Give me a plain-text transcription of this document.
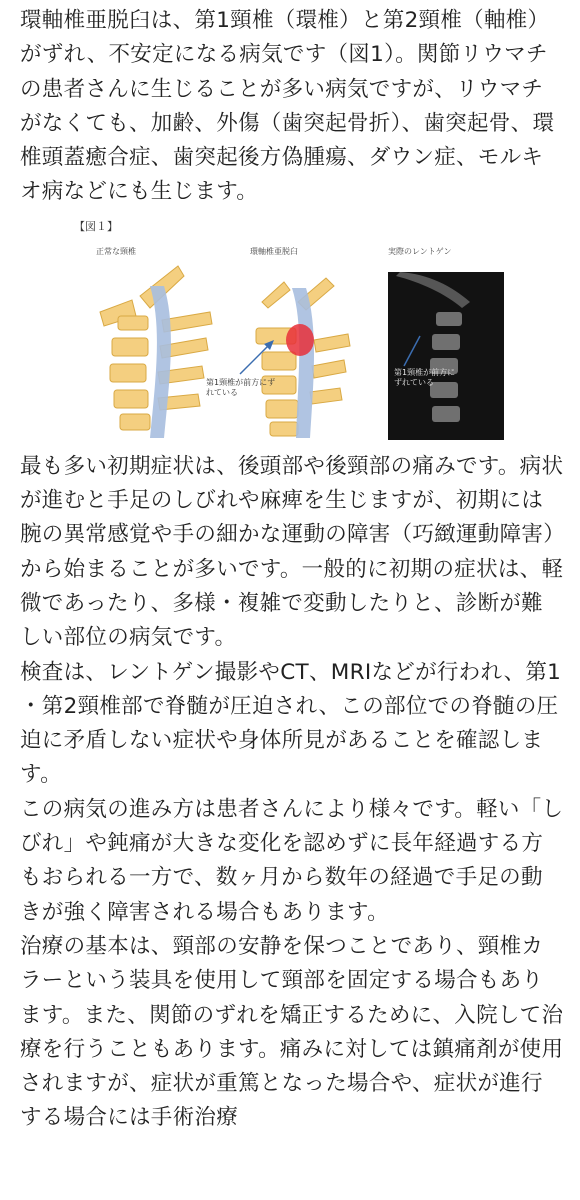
環軸椎亜脱臼は、第1頸椎（環椎）と第2頸椎（軸椎）がずれ、不安定になる病気です（図1）。関節リウマチの患者さんに生じることが多い病気ですが、リウマチがなくても、加齢、外傷（歯突起骨折）、歯突起骨、環椎頭蓋癒合症、歯突起後方偽腫瘍、ダウン症、モルキオ病などにも生じます。

【図１】
正常な頸椎	環軸椎亜脱臼	実際のレントゲン
第1頸椎が前方にずれている
第1頸椎が前方にずれている

最も多い初期症状は、後頭部や後頸部の痛みです。病状が進むと手足のしびれや麻痺を生じますが、初期には腕の異常感覚や手の細かな運動の障害（巧緻運動障害）から始まることが多いです。一般的に初期の症状は、軽微であったり、多様・複雑で変動したりと、診断が難しい部位の病気です。

検査は、レントゲン撮影やCT、MRIなどが行われ、第1・第2頸椎部で脊髄が圧迫され、この部位での脊髄の圧迫に矛盾しない症状や身体所見があることを確認します。

この病気の進み方は患者さんにより様々です。軽い「しびれ」や鈍痛が大きな変化を認めずに長年経過する方もおられる一方で、数ヶ月から数年の経過で手足の動きが強く障害される場合もあります。

治療の基本は、頸部の安静を保つことであり、頸椎カラーという装具を使用して頸部を固定する場合もあります。また、関節のずれを矯正するために、入院して治療を行うこともあります。痛みに対しては鎮痛剤が使用されますが、症状が重篤となった場合や、症状が進行する場合には手術治療
